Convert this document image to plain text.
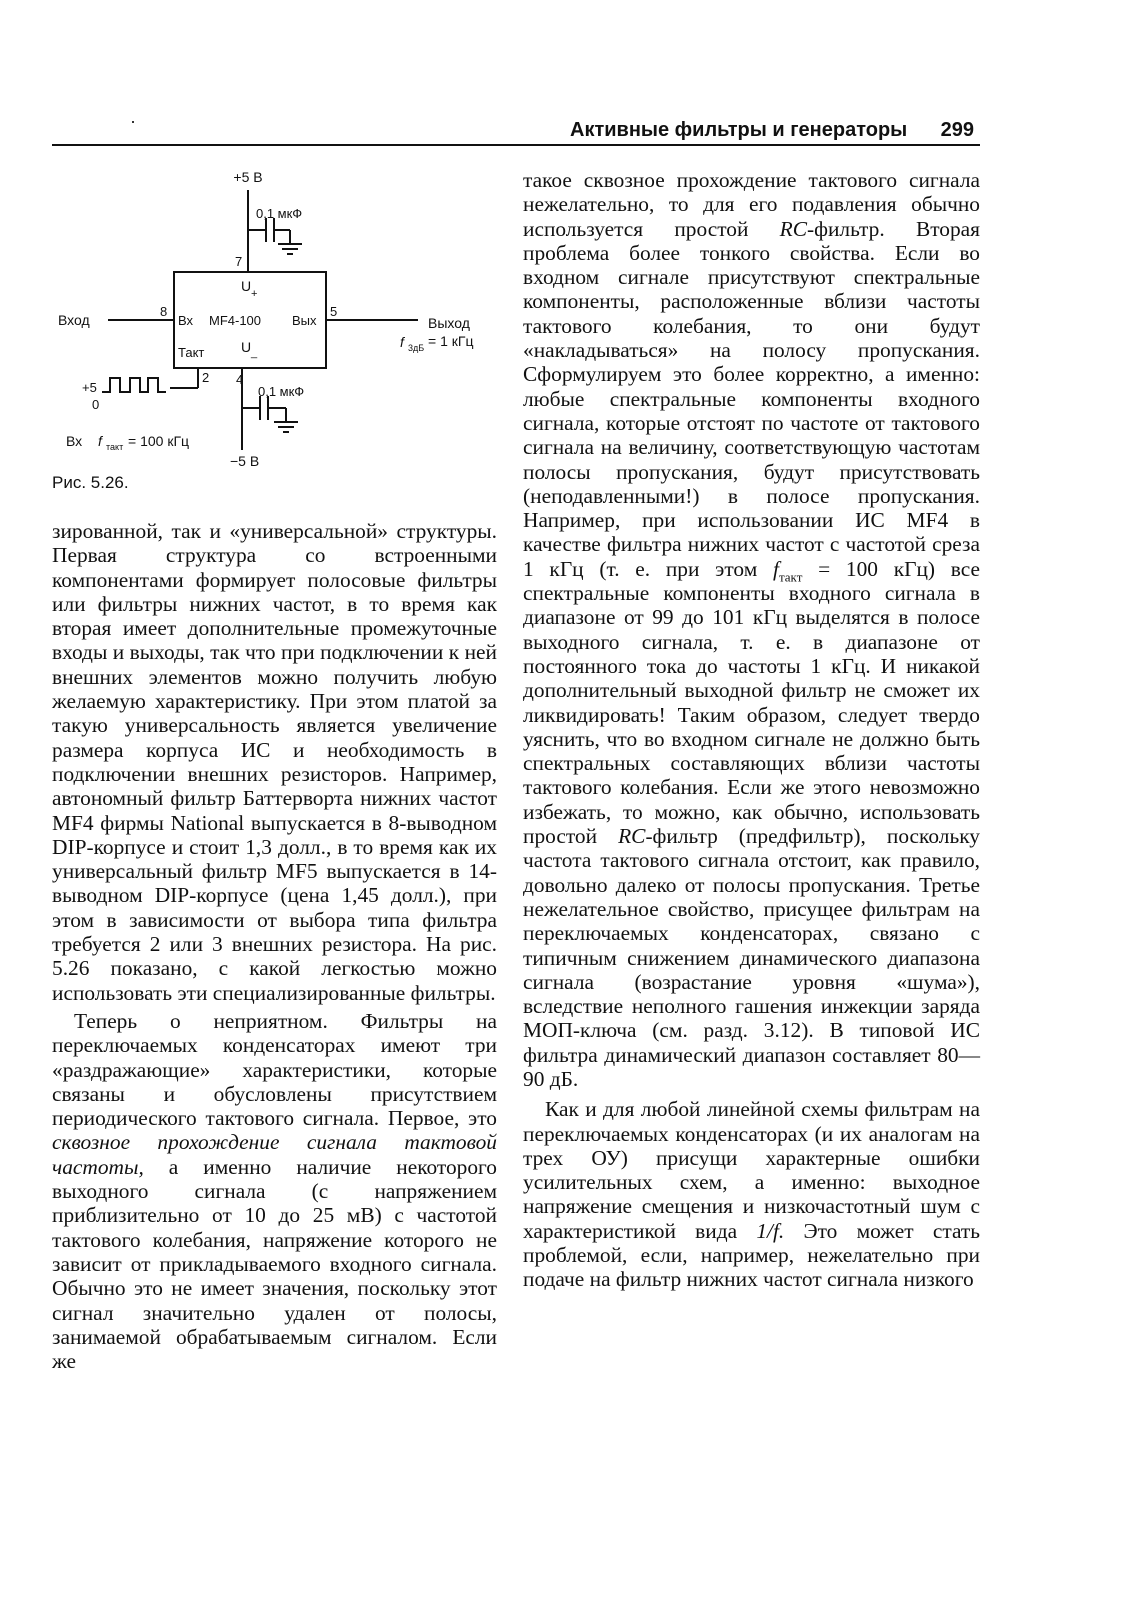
Активные фильтры и генераторы 299
+5 В
0,1 мкФ
7
U +
Вход
8
Вх MF4-100 Вых
5
Выход
Такт	U _
f 3дБ = 1 кГц
2 4
0,1 мкФ
+5
0
Вх f такт = 100 кГц
−5 В
Рис. 5.26.

зированной, так и «универсальной» структуры. Первая структура со встроенными компонентами формирует полосовые фильтры или фильтры нижних частот, в то время как вторая имеет дополнительные промежуточные входы и выходы, так что при подключении к ней внешних элементов можно получить любую желаемую характеристику. При этом платой за такую универсальность является увеличение размера корпуса ИС и необходимость в подключении внешних резисторов. Например, автономный фильтр Баттерворта нижних частот MF4 фирмы National выпускается в 8-выводном DIP-корпусе и стоит 1,3 долл., в то время как их универсальный фильтр MF5 выпускается в 14-выводном DIP-корпусе (цена 1,45 долл.), при этом в зависимости от выбора типа фильтра требуется 2 или 3 внешних резистора. На рис. 5.26 показано, с какой легкостью можно использовать эти специализированные фильтры.

Теперь о неприятном. Фильтры на переключаемых конденсаторах имеют три «раздражающие» характеристики, которые связаны и обусловлены присутствием периодического тактового сигнала. Первое, это сквозное прохождение сигнала тактовой частоты, а именно наличие некоторого выходного сигнала (с напряжением приблизительно от 10 до 25 мВ) с частотой тактового колебания, напряжение которого не зависит от прикладываемого входного сигнала. Обычно это не имеет значения, поскольку этот сигнал значительно удален от полосы, занимаемой обрабатываемым сигналом. Если же

такое сквозное прохождение тактового сигнала нежелательно, то для его подавления обычно используется простой RC-фильтр. Вторая проблема более тонкого свойства. Если во входном сигнале присутствуют спектральные компоненты, расположенные вблизи частоты тактового колебания, то они будут «накладываться» на полосу пропускания. Сформулируем это более корректно, а именно: любые спектральные компоненты входного сигнала, которые отстоят по частоте от тактового сигнала на величину, соответствующую частотам полосы пропускания, будут присутствовать (неподавленными!) в полосе пропускания. Например, при использовании ИС MF4 в качестве фильтра нижних частот с частотой среза 1 кГц (т. е. при этом $f_{такт} = 100$ кГц) все спектральные компоненты входного сигнала в диапазоне от 99 до 101 кГц выделятся в полосе выходного сигнала, т. е. в диапазоне от постоянного тока до частоты 1 кГц. И никакой дополнительный выходной фильтр не сможет их ликвидировать! Таким образом, следует твердо уяснить, что во входном сигнале не должно быть спектральных составляющих вблизи частоты тактового колебания. Если же этого невозможно избежать, то можно, как обычно, использовать простой RC-фильтр (предфильтр), поскольку частота тактового сигнала отстоит, как правило, довольно далеко от полосы пропускания. Третье нежелательное свойство, присущее фильтрам на переключаемых конденсаторах, связано с типичным снижением динамического диапазона сигнала (возрастание уровня «шума»), вследствие неполного гашения инжекции заряда МОП-ключа (см. разд. 3.12). В типовой ИС фильтра динамический диапазон составляет 80—90 дБ.

Как и для любой линейной схемы фильтрам на переключаемых конденсаторах (и их аналогам на трех ОУ) присущи характерные ошибки усилительных схем, а именно: выходное напряжение смещения и низкочастотный шум с характеристикой вида 1/f. Это может стать проблемой, если, например, нежелательно при подаче на фильтр нижних частот сигнала низкого
